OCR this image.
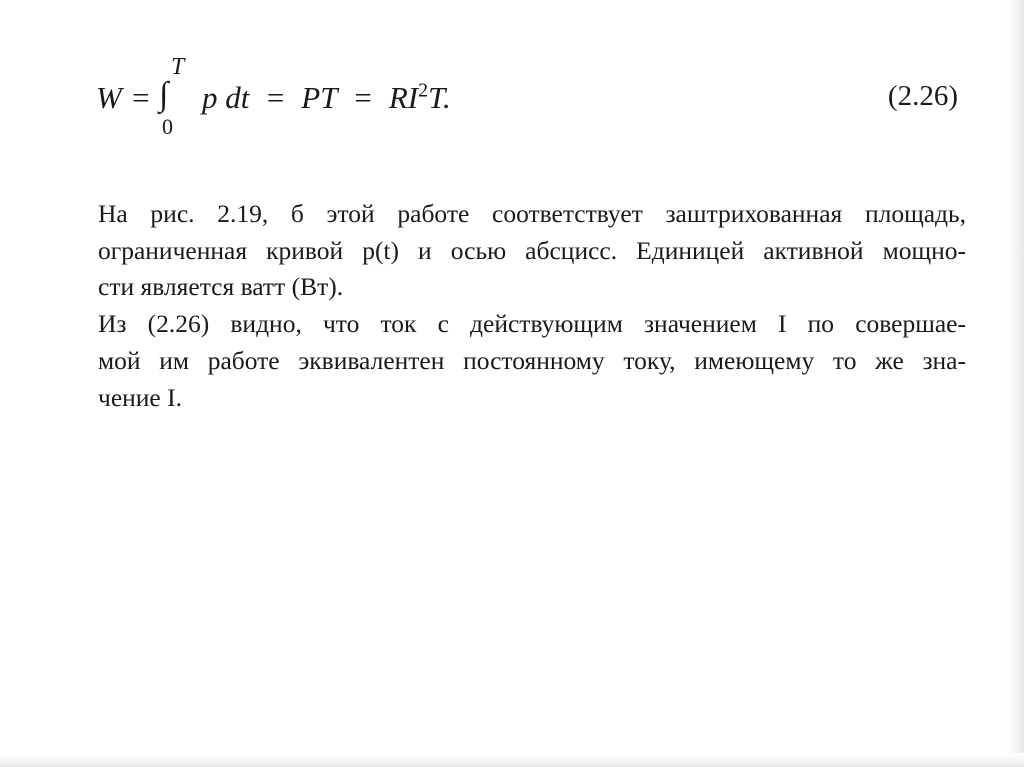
W = ∫
T
0
p dt  =  PT  =  $RI^2T$.	(2.26)

На рис. 2.19, б этой работе соответствует заштрихованная площадь,
ограниченная кривой p(t) и осью абсцисс. Единицей активной мощно-
сти является ватт (Вт).

Из (2.26) видно, что ток с действующим значением I по совершае-
мой им работе эквивалентен постоянному току, имеющему то же зна-
чение I.
